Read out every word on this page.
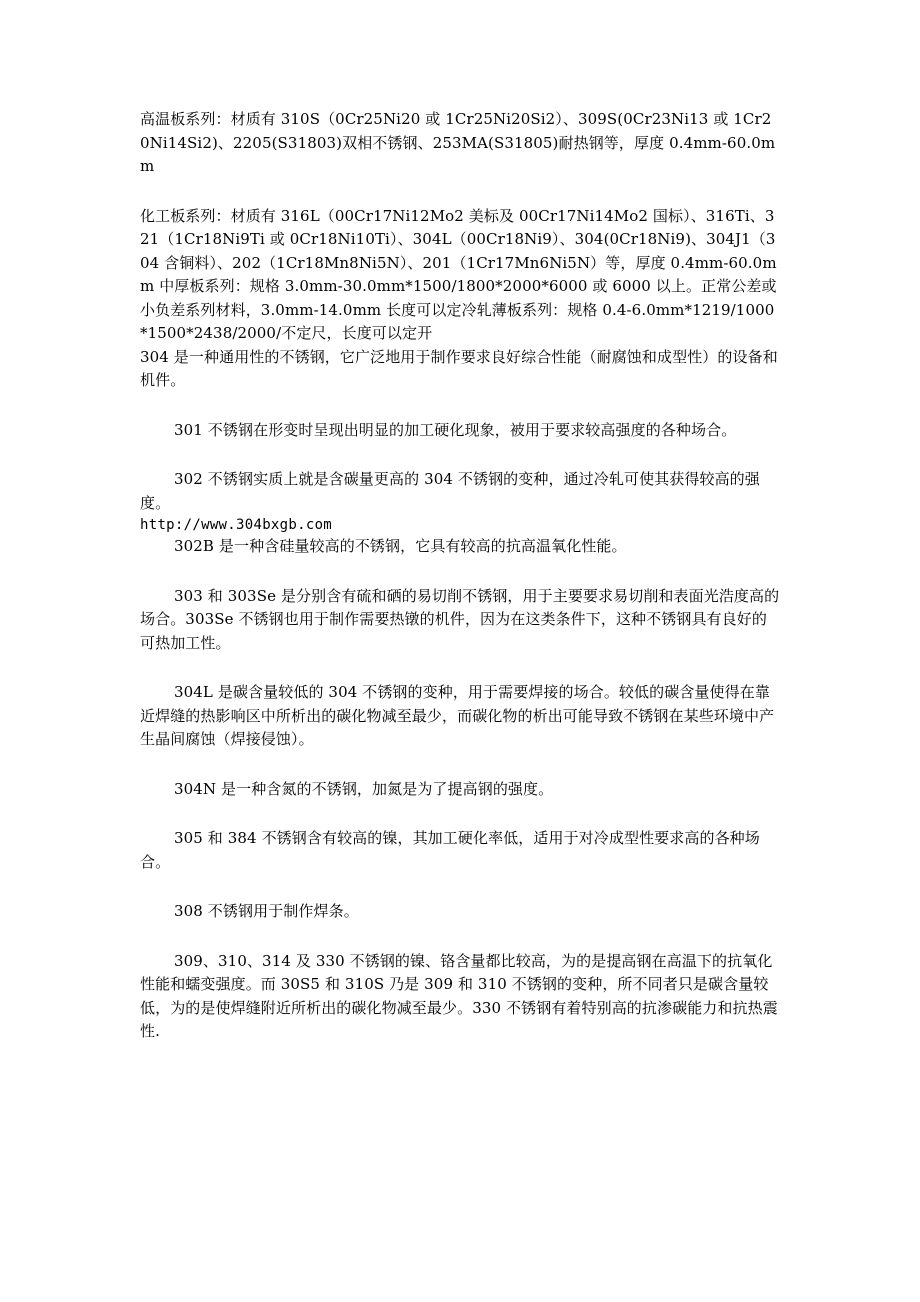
高温板系列：材质有 310S（0Cr25Ni20 或 1Cr25Ni20Si2）、309S(0Cr23Ni13 或 1Cr20Ni14Si2)、2205(S31803)双相不锈钢、253MA(S31805)耐热钢等，厚度 0.4mm-60.0mm

化工板系列：材质有 316L（00Cr17Ni12Mo2 美标及 00Cr17Ni14Mo2 国标）、316Ti、321（1Cr18Ni9Ti 或 0Cr18Ni10Ti）、304L（00Cr18Ni9）、304(0Cr18Ni9)、304J1（304 含铜料）、202（1Cr18Mn8Ni5N）、201（1Cr17Mn6Ni5N）等，厚度 0.4mm-60.0mm 中厚板系列：规格 3.0mm-30.0mm*1500/1800*2000*6000 或 6000 以上。正常公差或小负差系列材料，3.0mm-14.0mm 长度可以定冷轧薄板系列：规格 0.4-6.0mm*1219/1000*1500*2438/2000/不定尺，长度可以定开

304 是一种通用性的不锈钢，它广泛地用于制作要求良好综合性能（耐腐蚀和成型性）的设备和机件。

301 不锈钢在形变时呈现出明显的加工硬化现象，被用于要求较高强度的各种场合。

302 不锈钢实质上就是含碳量更高的 304 不锈钢的变种，通过冷轧可使其获得较高的强度。

http://www.304bxgb.com

302B 是一种含硅量较高的不锈钢，它具有较高的抗高温氧化性能。

303 和 303Se 是分别含有硫和硒的易切削不锈钢，用于主要要求易切削和表面光浩度高的场合。303Se 不锈钢也用于制作需要热镦的机件，因为在这类条件下，这种不锈钢具有良好的可热加工性。

304L 是碳含量较低的 304 不锈钢的变种，用于需要焊接的场合。较低的碳含量使得在靠近焊缝的热影响区中所析出的碳化物减至最少，而碳化物的析出可能导致不锈钢在某些环境中产生晶间腐蚀（焊接侵蚀）。

304N 是一种含氮的不锈钢，加氮是为了提高钢的强度。

305 和 384 不锈钢含有较高的镍，其加工硬化率低，适用于对冷成型性要求高的各种场合。

308 不锈钢用于制作焊条。

309、310、314 及 330 不锈钢的镍、铬含量都比较高，为的是提高钢在高温下的抗氧化性能和蠕变强度。而 30S5 和 310S 乃是 309 和 310 不锈钢的变种，所不同者只是碳含量较低，为的是使焊缝附近所析出的碳化物减至最少。330 不锈钢有着特别高的抗渗碳能力和抗热震性.
